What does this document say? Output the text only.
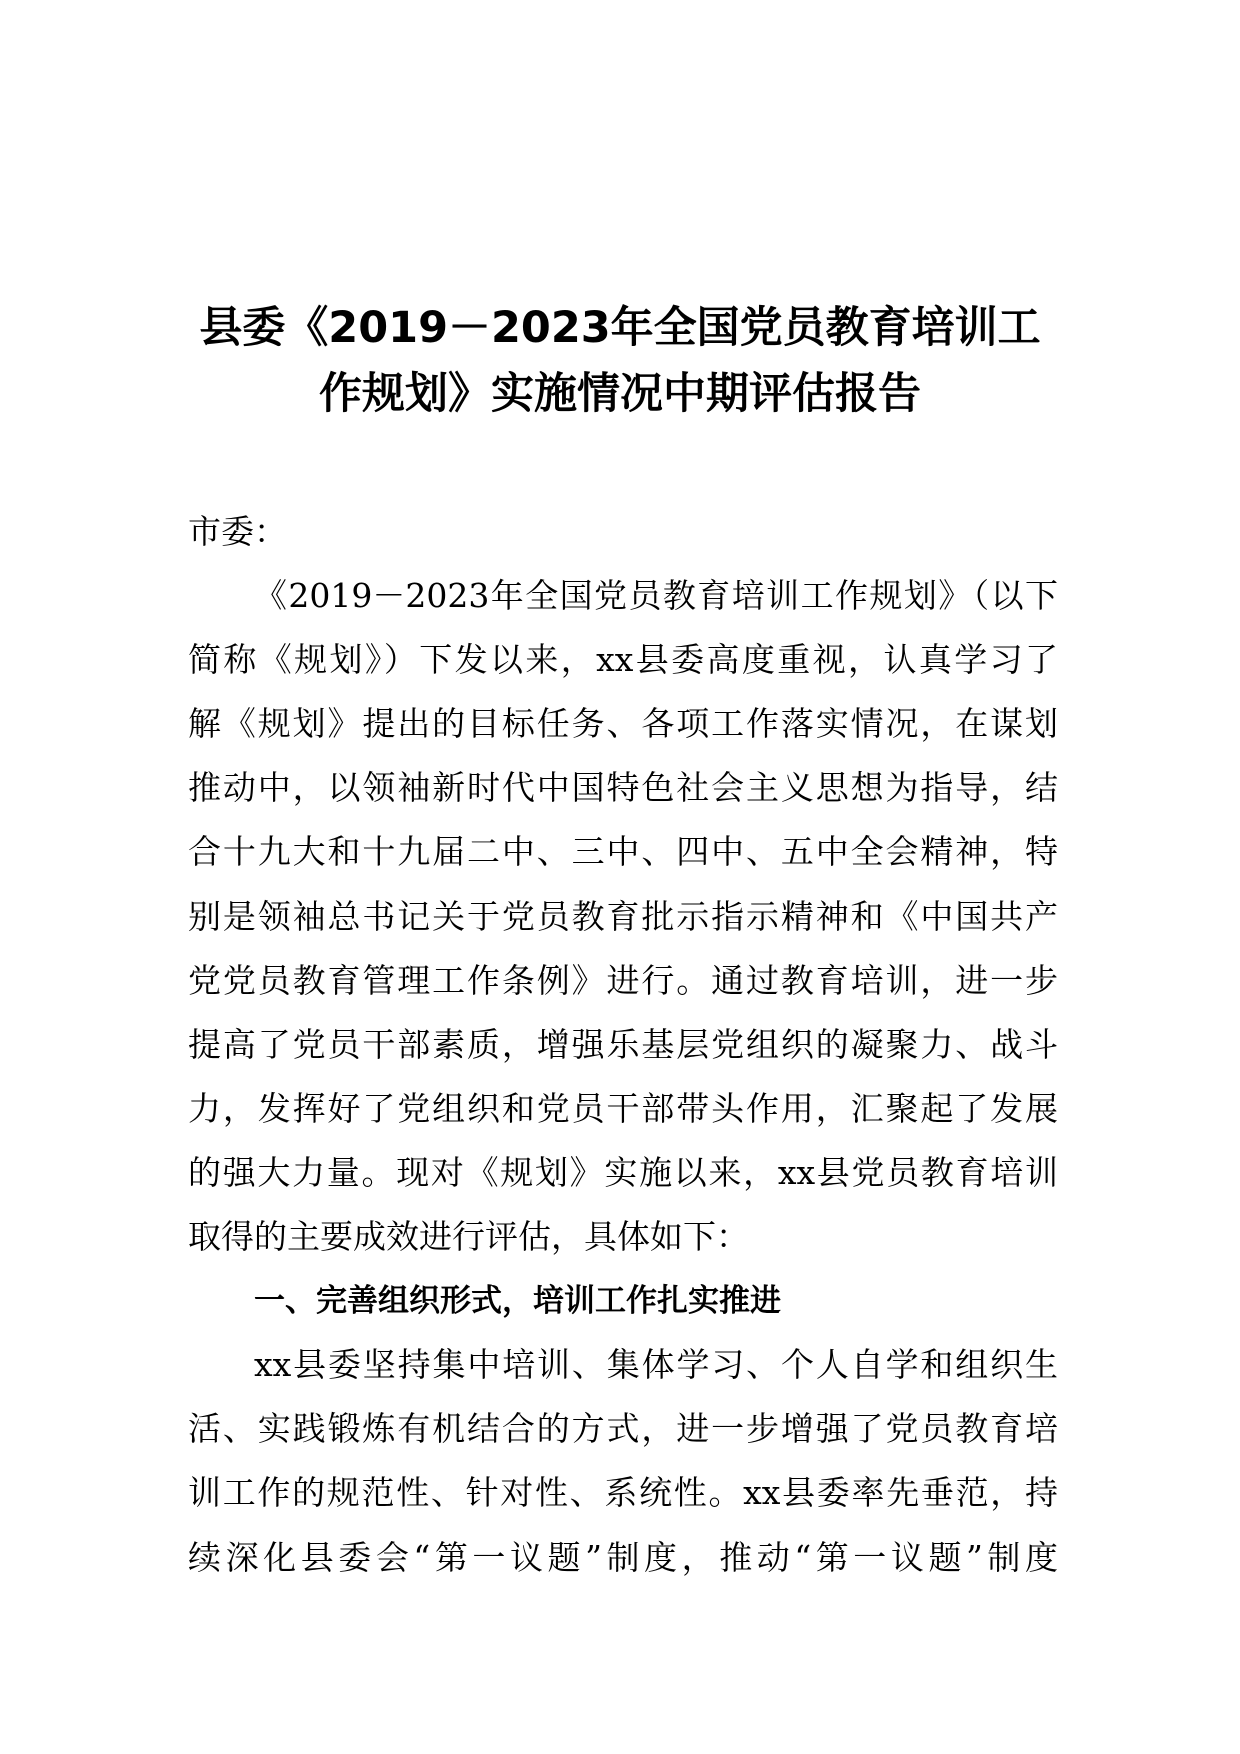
县委《2019－2023年全国党员教育培训工
作规划》实施情况中期评估报告
市委：
《2019－2023年全国党员教育培训工作规划》（以下
简称《规划》）下发以来，xx县委高度重视，认真学习了
解《规划》提出的目标任务、各项工作落实情况，在谋划
推动中，以领袖新时代中国特色社会主义思想为指导，结
合十九大和十九届二中、三中、四中、五中全会精神，特
别是领袖总书记关于党员教育批示指示精神和《中国共产
党党员教育管理工作条例》进行。通过教育培训，进一步
提高了党员干部素质，增强乐基层党组织的凝聚力、战斗
力，发挥好了党组织和党员干部带头作用，汇聚起了发展
的强大力量。现对《规划》实施以来，xx县党员教育培训
取得的主要成效进行评估，具体如下：
一、完善组织形式，培训工作扎实推进
xx县委坚持集中培训、集体学习、个人自学和组织生
活、实践锻炼有机结合的方式，进一步增强了党员教育培
训工作的规范性、针对性、系统性。xx县委率先垂范，持
续深化县委会“第一议题”制度，推动“第一议题”制度
